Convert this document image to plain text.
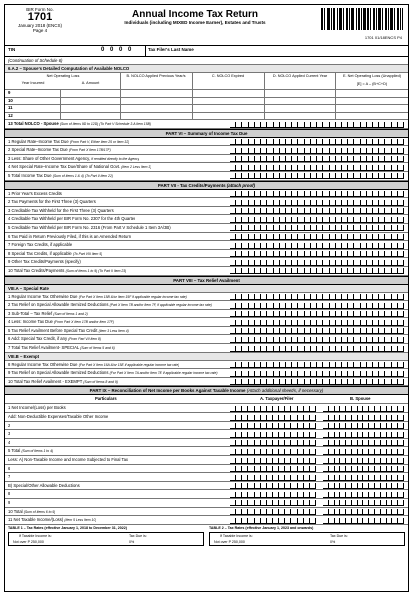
BIR Form No.
1701
January 2018 (ENCS)
Page 4
Annual Income Tax Return
Individuals (including MIXED Income Earner), Estates and Trusts
1701 01/18ENCS P4
TIN	0 0 0 0	Tax Filer's Last Name
(Continuation of Schedule 6)
6.A.2 – Spouse's Detailed Computation of Available NOLCO
Net Operating Loss
Year Incurred	A. Amount
B. NOLCO Applied Previous Year/s	C. NOLCO Expired	D. NOLCO Applied Current Year	E. Net Operating Loss (Unapplied)
[E] = A – (B+C+D)
9
10
11
12
13 Total NOLCO - Spouse (Sum of Items 9D to 12D) (To Part V Schedule 3.A Item 15B)
PART VI – Summary of Income Tax Due
1 Regular Rate–Income Tax Due (From Part V, Either Item 25 or Item 32)
2 Special Rate–Income Tax Due (From Part X Item 17B/17F)
3 Less: Share of Other Government Agency, if remitted directly to the Agency
4 Net Special Rate–Income Tax Due/Share of National Govt. (Item 2 Less Item 3)
5 Total Income Tax Due (Sum of Items 1 & 4) (To Part II Item 22)
PART VII - Tax Credits/Payments (attach proof)
1 Prior Year's Excess Credits
2 Tax Payments for the First Three (3) Quarters
3 Creditable Tax Withheld for the First Three (3) Quarters
4 Creditable Tax Withheld per BIR Form No. 2307 for the 4th Quarter
5 Creditable Tax Withheld per BIR Form No. 2316 (From Part V Schedule 1 Item 3A/3B)
6 Tax Paid in Return Previously Filed, if this is an Amended Return
7 Foreign Tax Credits, if applicable
8 Special Tax Credits, if applicable (To Part VIII Item 5)
9 Other Tax Credits/Payments (specify)
10 Total Tax Credits/Payments (Sum of Items 1 to 9) (To Part II Item 23)
PART VIII – Tax Relief Availment
VIII.A – Special Rate
1 Regular Income Tax Otherwise Due (For Part X Item 15B &/or Item 15F if applicable regular income tax rate)
2 Tax Relief on Special Allowable Itemized Deductions (Part X Item 7B and/or Item 7F, if applicable regular income tax rate)
3 Sub-Total – Tax Relief (Sum of Items 1 and 2)
4 Less: Income Tax Due (From Part X Item 17B and/or Item 17F)
5 Tax Relief Availment Before Special Tax Credit (Item 3 Less Item 4)
6 Add: Special Tax Credit, if any (From Part VII Item 8)
7 Total Tax Relief Availment- SPECIAL (Sum of Items 5 and 6)
VIII.B – Exempt
8 Regular Income Tax Otherwise Due (For Part X Item 16A &/or 15E if applicable regular income tax rate)
9 Tax Relief on Special Allowable Itemized Deductions (For Part X Item 7A and/or Item 7E if applicable regular income tax rate)
10 Total Tax Relief Availment - EXEMPT (Sum of Items 8 and 9)
PART IX – Reconciliation of Net Income per Books Against Taxable Income (Attach additional sheet/s, if necessary)
Particulars	A. Taxpayer/Filer	B. Spouse
1 Net Income/(Loss) per Books
Add: Non-Deductible Expenses/Taxable Other Income
2
3
4
5 Total (Sum of Items 1 to 4)
Less: A) Non-Taxable Income and Income Subjected to Final Tax
6
7
B) Special/Other Allowable Deductions
8
9
10 Total (Sum of Items 6 to 9)
11 Net Taxable Income/(Loss) (Item 5 Less Item 10)
TABLE 1 – Tax Rates (effective January 1, 2018 to December 31, 2022)
If Taxable Income is:	Tax Due is:
Not over P 250,000	0%
TABLE 2 – Tax Rates (effective January 1, 2023 and onwards)
If Taxable Income is:	Tax Due is:
Not over P 250,000	0%
